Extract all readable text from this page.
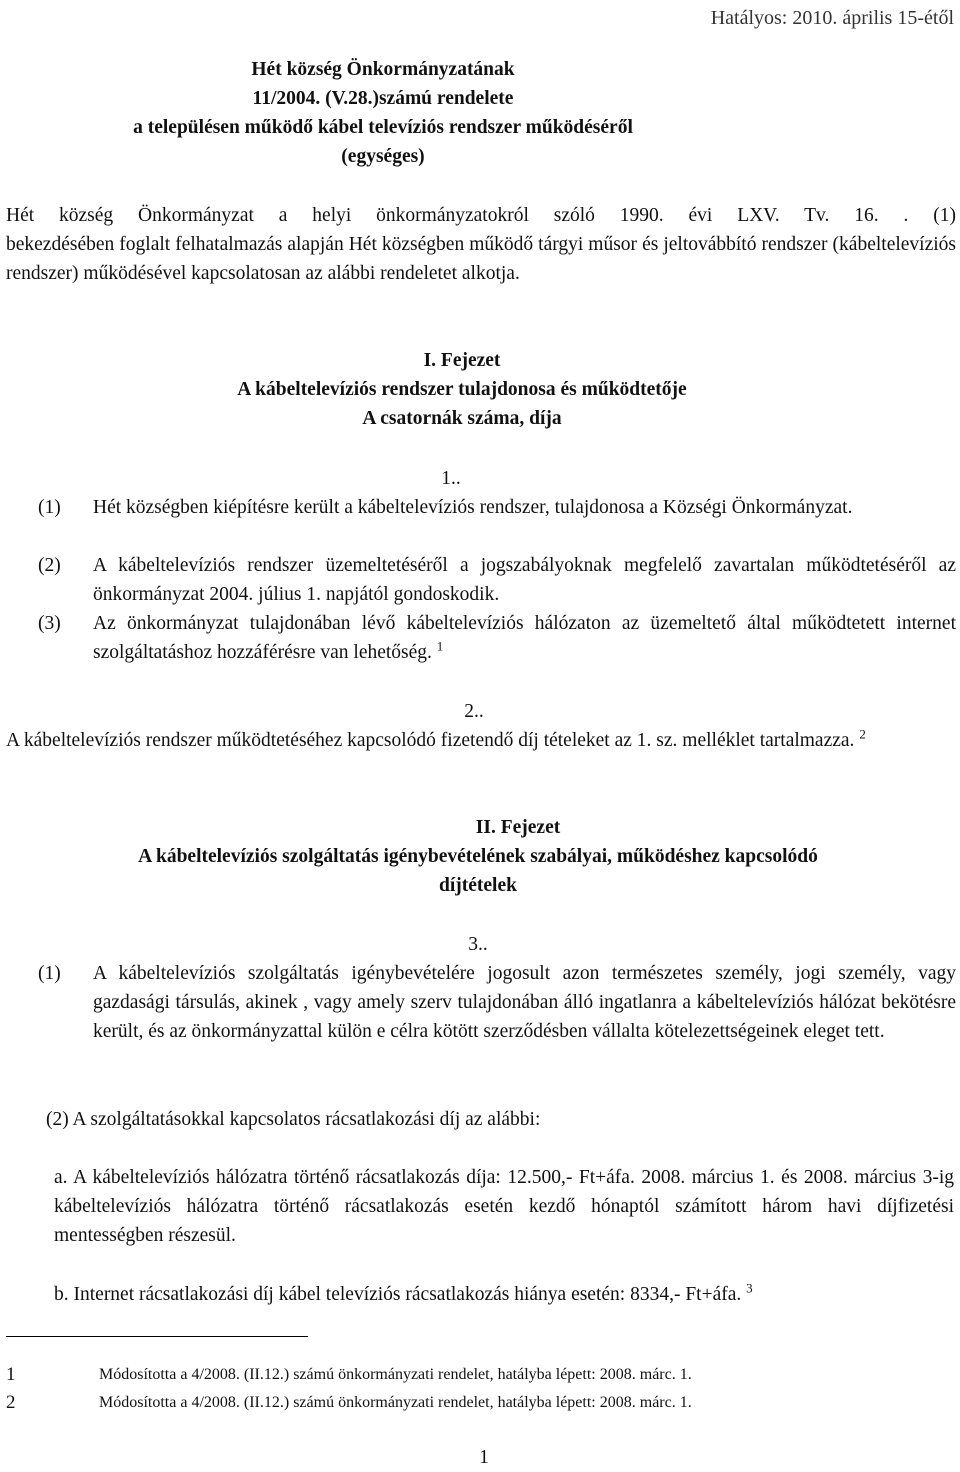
Hatályos: 2010. április 15-étől
Hét község Önkormányzatának
11/2004. (V.28.)számú rendelete
a településen működő kábel televíziós rendszer működéséről
(egységes)
Hét község Önkormányzat a helyi önkormányzatokról szóló 1990. évi LXV. Tv. 16. . (1)
bekezdésében foglalt felhatalmazás alapján Hét községben működő tárgyi műsor és jeltovábbító rendszer (kábeltelevíziós rendszer) működésével kapcsolatosan az alábbi rendeletet alkotja.
I. Fejezet
A kábeltelevíziós rendszer tulajdonosa és működtetője
A csatornák száma, díja
1..
(1) Hét községben kiépítésre került a kábeltelevíziós rendszer, tulajdonosa a Községi Önkormányzat.
(2) A kábeltelevíziós rendszer üzemeltetéséről a jogszabályoknak megfelelő zavartalan működtetéséről az önkormányzat 2004. július 1. napjától gondoskodik.
(3) Az önkormányzat tulajdonában lévő kábeltelevíziós hálózaton az üzemeltető által működtetett internet szolgáltatáshoz hozzáférésre van lehetőség. $^1$
2..
A kábeltelevíziós rendszer működtetéséhez kapcsolódó fizetendő díj tételeket az 1. sz. melléklet tartalmazza. $^2$
II. Fejezet
A kábeltelevíziós szolgáltatás igénybevételének szabályai, működéshez kapcsolódó
díjtételek
3..
(1) A kábeltelevíziós szolgáltatás igénybevételére jogosult azon természetes személy, jogi személy, vagy gazdasági társulás, akinek , vagy amely szerv tulajdonában álló ingatlanra a kábeltelevíziós hálózat bekötésre került, és az önkormányzattal külön e célra kötött szerződésben vállalta kötelezettségeinek eleget tett.
(2) A szolgáltatásokkal kapcsolatos rácsatlakozási díj az alábbi:
a. A kábeltelevíziós hálózatra történő rácsatlakozás díja: 12.500,- Ft+áfa. 2008. március 1. és 2008. március 3-ig kábeltelevíziós hálózatra történő rácsatlakozás esetén kezdő hónaptól számított három havi díjfizetési mentességben részesül.
b. Internet rácsatlakozási díj kábel televíziós rácsatlakozás hiánya esetén: 8334,- Ft+áfa. $^3$
1	Módosította a 4/2008. (II.12.) számú önkormányzati rendelet, hatályba lépett: 2008. márc. 1.
2	Módosította a 4/2008. (II.12.) számú önkormányzati rendelet, hatályba lépett: 2008. márc. 1.
1
